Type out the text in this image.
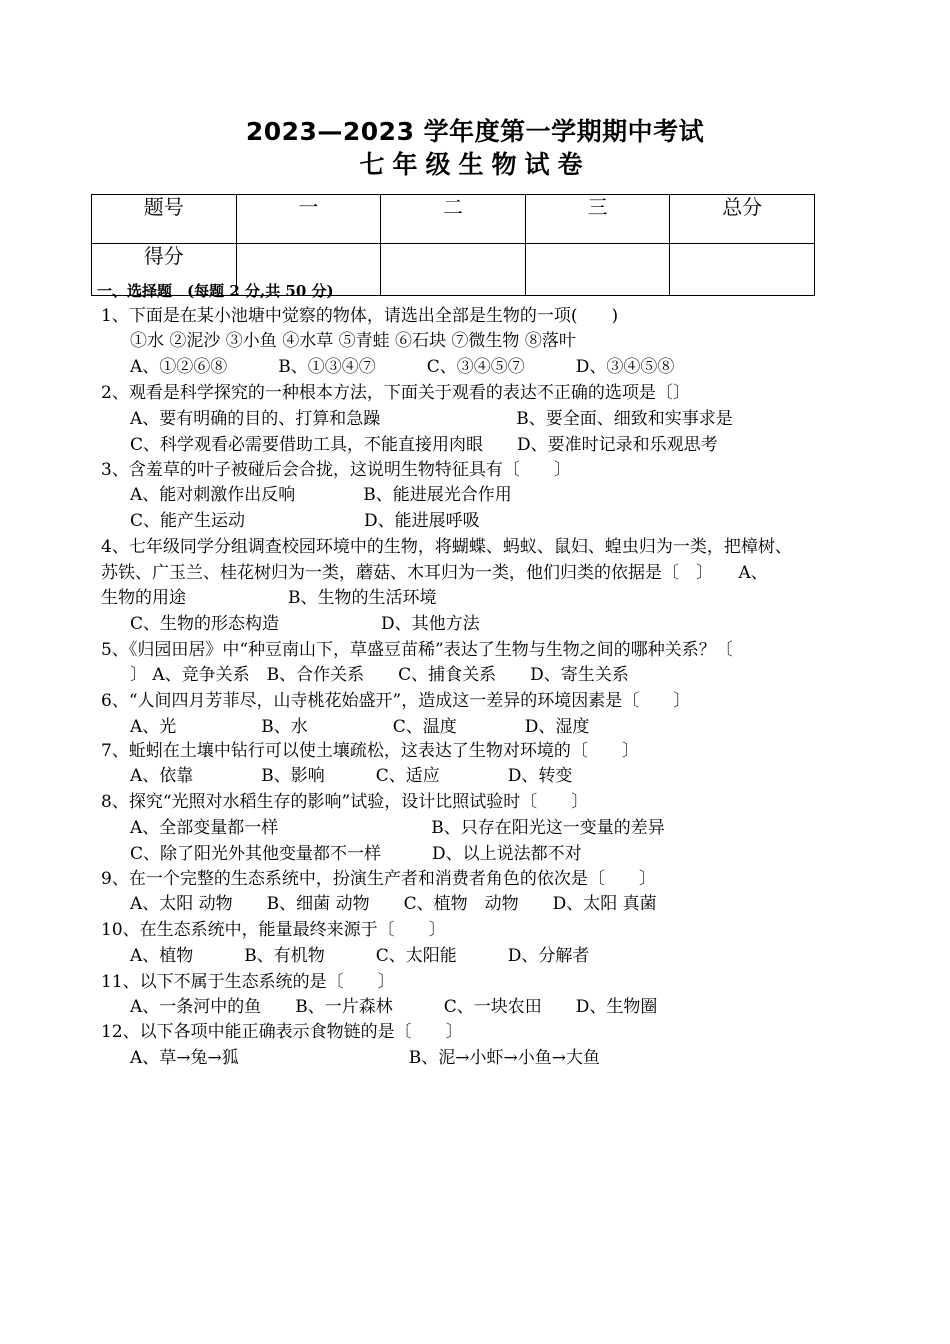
2023—2023 学年度第一学期期中考试
七年级生物试卷
题号	一	二	三	总分

得分				

一、选择题　(每题 2 分,共 50 分)
1、下面是在某小池塘中觉察的物体，请选出全部是生物的一项(　　)
①水 ②泥沙 ③小鱼 ④水草 ⑤青蛙 ⑥石块 ⑦微生物 ⑧落叶
A、①②⑥⑧　　　B、①③④⑦　　　C、③④⑤⑦　　　D、③④⑤⑧
2、观看是科学探究的一种根本方法，下面关于观看的表达不正确的选项是〔〕
A、要有明确的目的、打算和急躁　　　　　　　　B、要全面、细致和实事求是
C、科学观看必需要借助工具，不能直接用肉眼　　D、要准时记录和乐观思考
3、含羞草的叶子被碰后会合拢，这说明生物特征具有〔　　〕
A、能对刺激作出反响　　　　B、能进展光合作用
C、能产生运动　　　　　　　D、能进展呼吸
4、七年级同学分组调查校园环境中的生物，将蝴蝶、蚂蚁、鼠妇、蝗虫归为一类，把樟树、
苏铁、广玉兰、桂花树归为一类，蘑菇、木耳归为一类，他们归类的依据是〔　〕　　A、
生物的用途　　　　　　B、生物的生活环境
C、生物的形态构造　　　　　　D、其他方法
5、《归园田居》中“种豆南山下，草盛豆苗稀”表达了生物与生物之间的哪种关系？〔
〕 A、竞争关系　B、合作关系　　C、捕食关系　　D、寄生关系
6、“人间四月芳菲尽，山寺桃花始盛开”，造成这一差异的环境因素是〔　　〕
A、光　　　　　B、水　　　　　C、温度　　　　D、湿度
7、蚯蚓在土壤中钻行可以使土壤疏松，这表达了生物对环境的〔　　〕
A、依靠　　　　B、影响　　　C、适应　　　　D、转变
8、探究“光照对水稻生存的影响”试验，设计比照试验时〔　　〕
A、全部变量都一样　　　　　　　　　B、只存在阳光这一变量的差异
C、除了阳光外其他变量都不一样　　　D、以上说法都不对
9、在一个完整的生态系统中，扮演生产者和消费者角色的依次是〔　　〕
A、太阳 动物　　B、细菌 动物　　C、植物　动物　　D、太阳 真菌
10、在生态系统中，能量最终来源于〔　　〕
A、植物　　　B、有机物　　　C、太阳能　　　D、分解者
11、以下不属于生态系统的是〔　　〕
A、一条河中的鱼　　B、一片森林　　　C、一块农田　　D、生物圈
12、以下各项中能正确表示食物链的是〔　　〕
A、草→兔→狐　　　　　　　　　　B、泥→小虾→小鱼→大鱼
